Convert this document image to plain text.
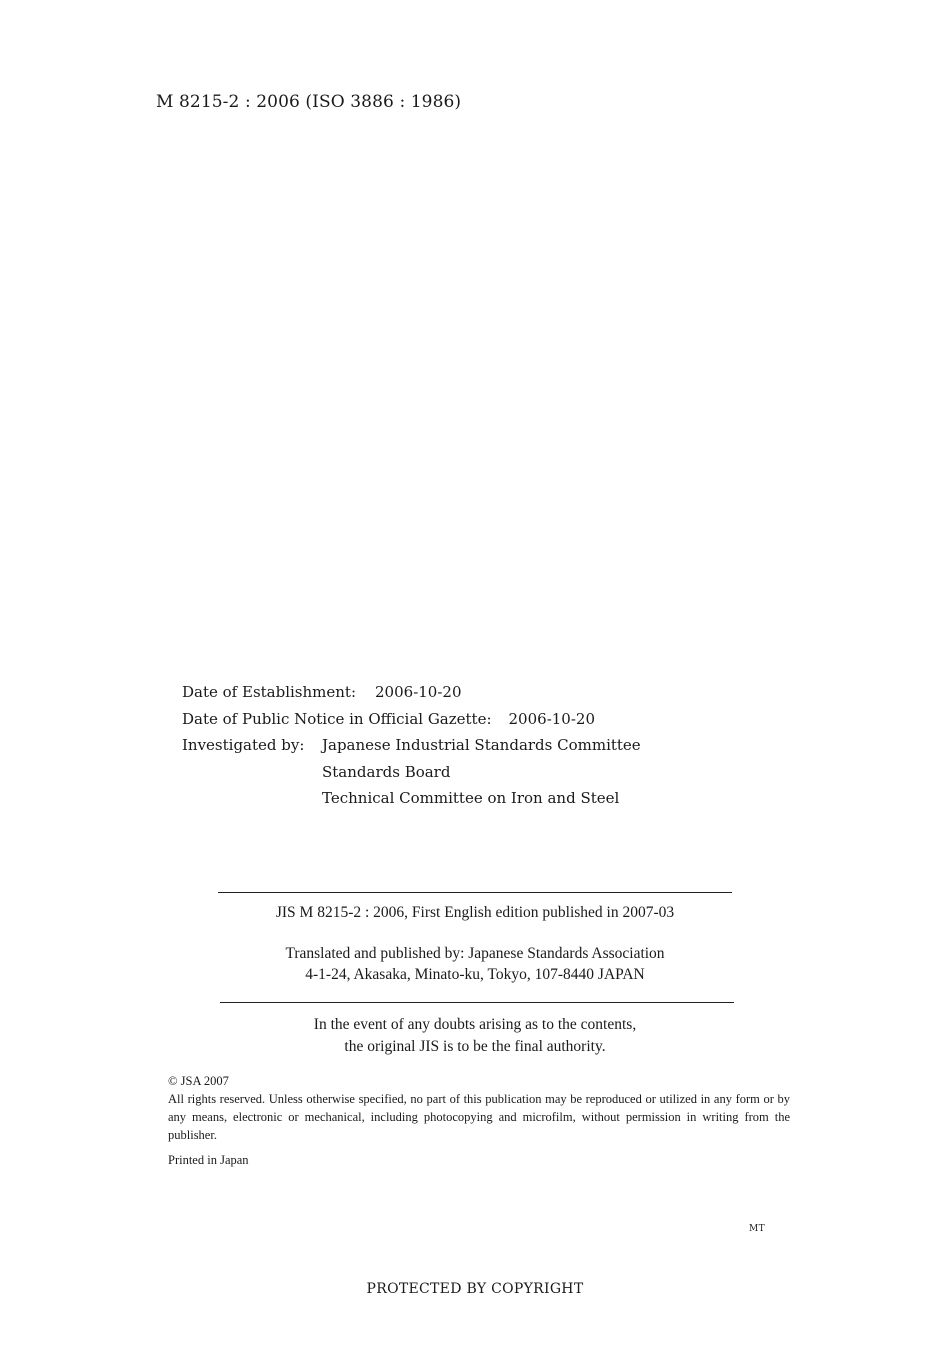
M 8215-2 : 2006 (ISO 3886 : 1986)
Date of Establishment: 2006-10-20
Date of Public Notice in Official Gazette: 2006-10-20
Investigated by:	Japanese Industrial Standards Committee
Standards Board
Technical Committee on Iron and Steel
JIS M 8215-2 : 2006, First English edition published in 2007-03
Translated and published by: Japanese Standards Association
4-1-24, Akasaka, Minato-ku, Tokyo, 107-8440 JAPAN
In the event of any doubts arising as to the contents,
the original JIS is to be the final authority.

© JSA 2007

All rights reserved. Unless otherwise specified, no part of this publication may be reproduced or utilized in any form or by any means, electronic or mechanical, including photocopying and microfilm, without permission in writing from the publisher.

Printed in Japan
MT
PROTECTED BY COPYRIGHT
